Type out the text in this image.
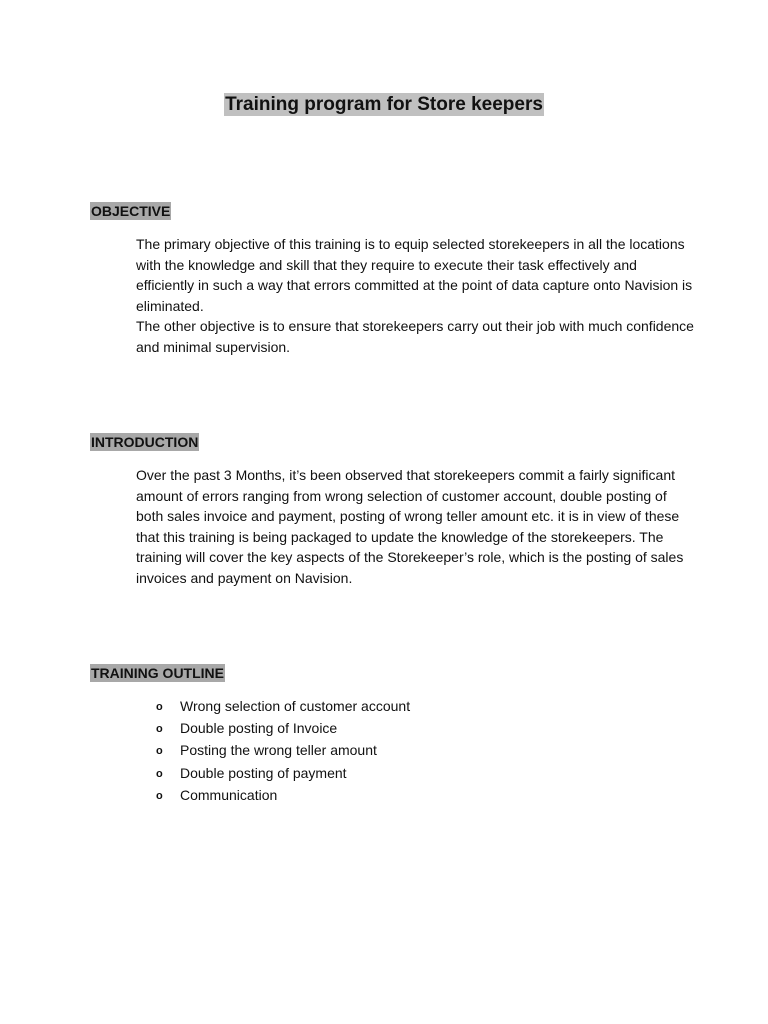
Training program for Store keepers
OBJECTIVE

The primary objective of this training is to equip selected storekeepers in all the locations with the knowledge and skill that they require to execute their task effectively and efficiently in such a way that errors committed at the point of data capture onto Navision is eliminated.

The other objective is to ensure that storekeepers carry out their job with much confidence and minimal supervision.

INTRODUCTION

Over the past 3 Months, it’s been observed that storekeepers commit a fairly significant amount of errors ranging from wrong selection of customer account, double posting of both sales invoice and payment, posting of wrong teller amount etc. it is in view of these that this training is being packaged to update the knowledge of the storekeepers. The training will cover the key aspects of the Storekeeper’s role, which is the posting of sales invoices and payment on Navision.

TRAINING OUTLINE
o Wrong selection of customer account
o Double posting of Invoice
o Posting the wrong teller amount
o Double posting of payment
o Communication
